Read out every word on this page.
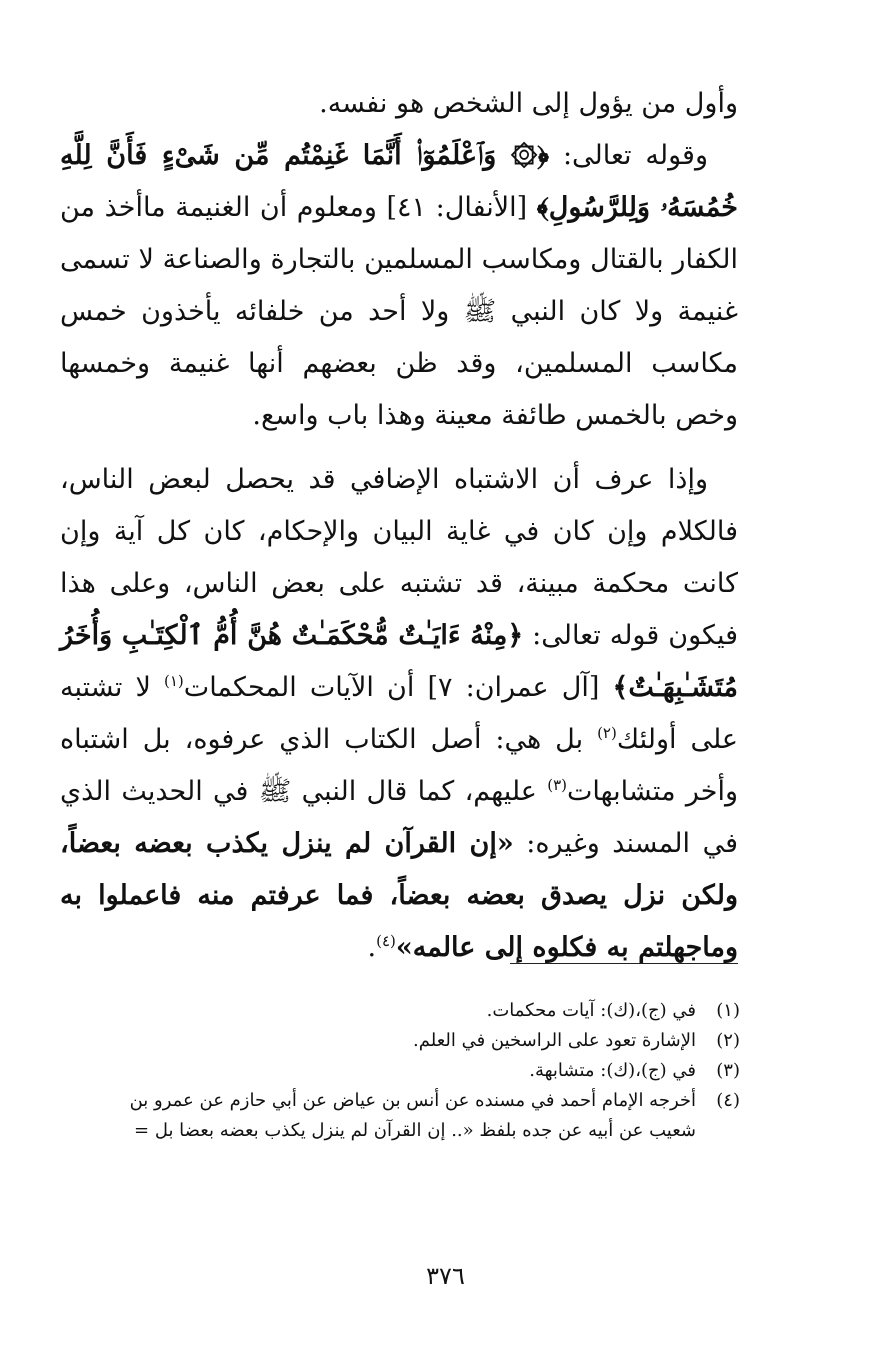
وأول من يؤول إلى الشخص هو نفسه.

وقوله تعالى: ﴿۞ وَٱعْلَمُوٓا۟ أَنَّمَا غَنِمْتُم مِّن شَىْءٍ فَأَنَّ لِلَّهِ خُمُسَهُۥ وَلِلرَّسُولِ﴾ [الأنفال: ٤١] ومعلوم أن الغنيمة ماأخذ من الكفار بالقتال ومكاسب المسلمين بالتجارة والصناعة لا تسمى غنيمة ولا كان النبي ﷺ ولا أحد من خلفائه يأخذون خمس مكاسب المسلمين، وقد ظن بعضهم أنها غنيمة وخمسها وخص بالخمس طائفة معينة وهذا باب واسع.

وإذا عرف أن الاشتباه الإضافي قد يحصل لبعض الناس، فالكلام وإن كان في غاية البيان والإحكام، كان كل آية وإن كانت محكمة مبينة، قد تشتبه على بعض الناس، وعلى هذا فيكون قوله تعالى: ﴿مِنْهُ ءَايَـٰتٌ مُّحْكَمَـٰتٌ هُنَّ أُمُّ ٱلْكِتَـٰبِ وَأُخَرُ مُتَشَـٰبِهَـٰتٌ﴾ [آل عمران: ٧] أن الآيات المحكمات$^{(١)}$ لا تشتبه على أولئك$^{(٢)}$ بل هي: أصل الكتاب الذي عرفوه، بل اشتباه وأخر متشابهات$^{(٣)}$ عليهم، كما قال النبي ﷺ في الحديث الذي في المسند وغيره: «إن القرآن لم ينزل يكذب بعضه بعضاً، ولكن نزل يصدق بعضه بعضاً، فما عرفتم منه فاعملوا به وماجهلتم به فكلوه إلى عالمه»$^{(٤)}$.

(١)
في (ج)،(ك): آيات محكمات.
(٢)
الإشارة تعود على الراسخين في العلم.
(٣)
في (ج)،(ك): متشابهة.
(٤)
أخرجه الإمام أحمد في مسنده عن أنس بن عياض عن أبي حازم عن عمرو بن
شعيب عن أبيه عن جده بلفظ «.. إن القرآن لم ينزل يكذب بعضه بعضا بل =
٣٧٦
